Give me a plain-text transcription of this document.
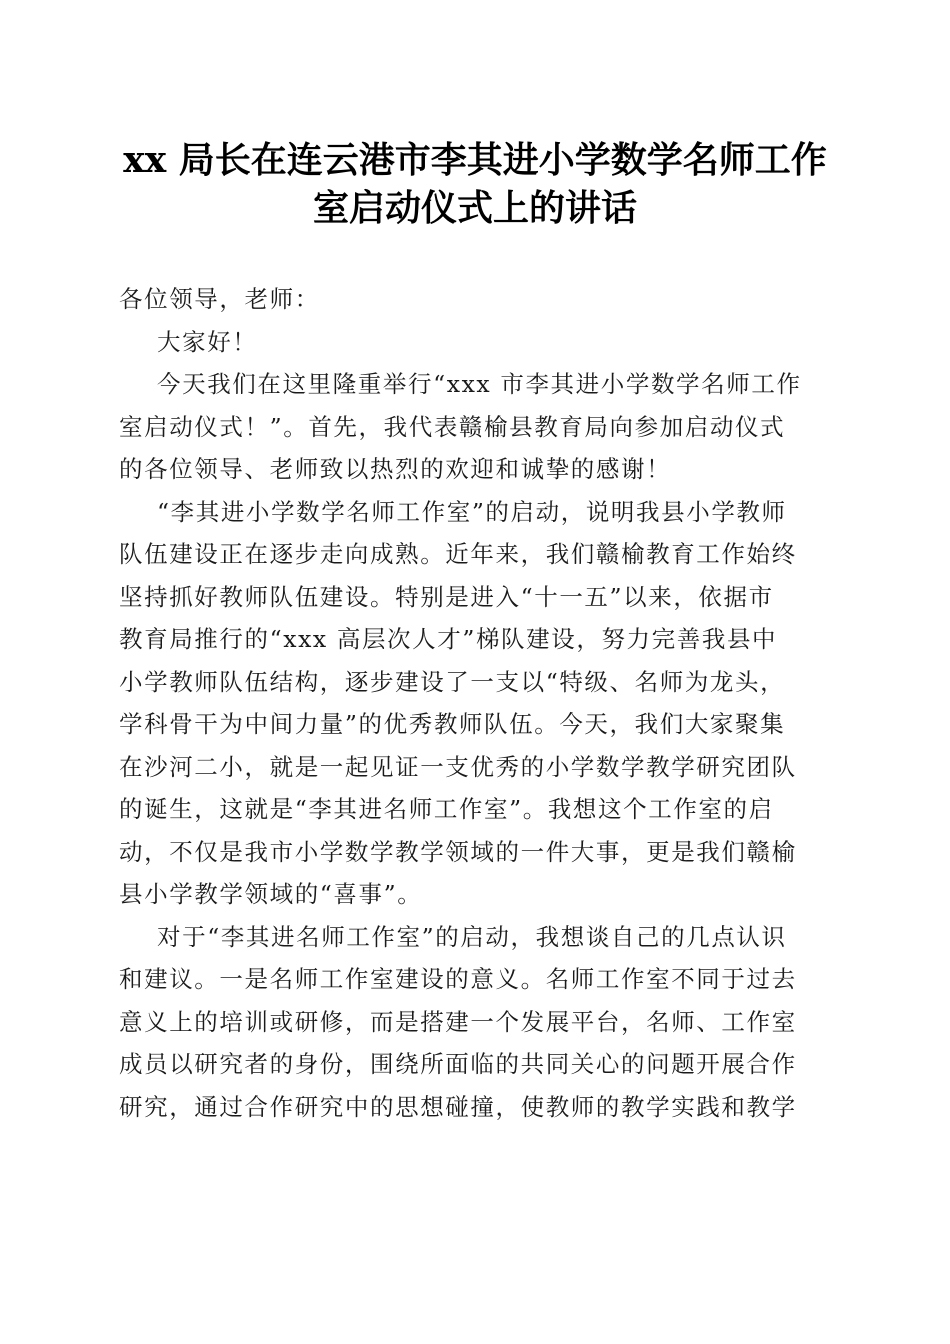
xx 局长在连云港市李其进小学数学名师工作
室启动仪式上的讲话
各位领导，老师：
大家好！
今天我们在这里隆重举行“xxx 市李其进小学数学名师工作
室启动仪式！”。首先，我代表赣榆县教育局向参加启动仪式
的各位领导、老师致以热烈的欢迎和诚挚的感谢！
“李其进小学数学名师工作室”的启动，说明我县小学教师
队伍建设正在逐步走向成熟。近年来，我们赣榆教育工作始终
坚持抓好教师队伍建设。特别是进入“十一五”以来，依据市
教育局推行的“xxx 高层次人才”梯队建设，努力完善我县中
小学教师队伍结构，逐步建设了一支以“特级、名师为龙头，
学科骨干为中间力量”的优秀教师队伍。今天，我们大家聚集
在沙河二小，就是一起见证一支优秀的小学数学教学研究团队
的诞生，这就是“李其进名师工作室”。我想这个工作室的启
动，不仅是我市小学数学教学领域的一件大事，更是我们赣榆
县小学教学领域的“喜事”。
对于“李其进名师工作室”的启动，我想谈自己的几点认识
和建议。一是名师工作室建设的意义。名师工作室不同于过去
意义上的培训或研修，而是搭建一个发展平台，名师、工作室
成员以研究者的身份，围绕所面临的共同关心的问题开展合作
研究，通过合作研究中的思想碰撞，使教师的教学实践和教学
